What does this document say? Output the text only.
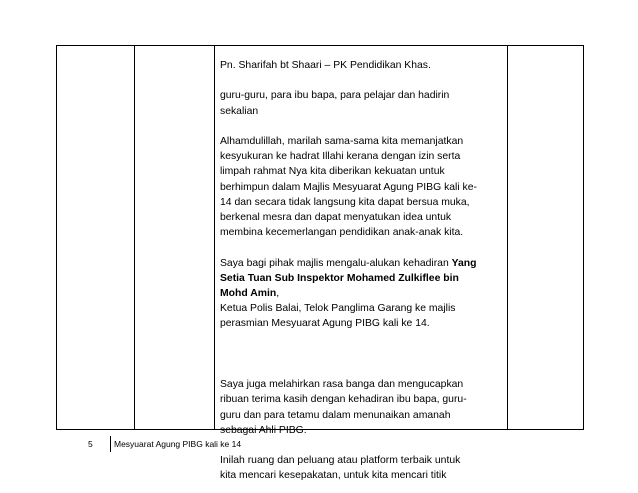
Pn. Sharifah bt Shaari – PK Pendidikan Khas.

guru-guru, para ibu bapa, para pelajar dan hadirin

sekalian

Alhamdulillah, marilah sama-sama kita memanjatkan

kesyukuran ke hadrat Illahi kerana dengan izin serta

limpah rahmat Nya kita diberikan kekuatan untuk

berhimpun dalam Majlis Mesyuarat Agung PIBG kali ke-

14 dan secara tidak langsung kita dapat bersua muka,

berkenal mesra dan dapat menyatukan idea untuk

membina kecemerlangan pendidikan anak-anak kita.

Saya bagi pihak majlis mengalu-alukan kehadiran Yang

Setia Tuan Sub Inspektor Mohamed Zulkiflee bin

Mohd Amin,

Ketua Polis Balai, Telok Panglima Garang ke majlis

perasmian Mesyuarat Agung PIBG kali ke 14.

Saya juga melahirkan rasa banga dan mengucapkan

ribuan terima kasih dengan kehadiran ibu bapa, guru-

guru dan para tetamu dalam menunaikan amanah

sebagai Ahli PIBG.

Inilah ruang dan peluang atau platform terbaik untuk

kita mencari kesepakatan, untuk kita mencari titik

5	Mesyuarat Agung PIBG kali ke 14
